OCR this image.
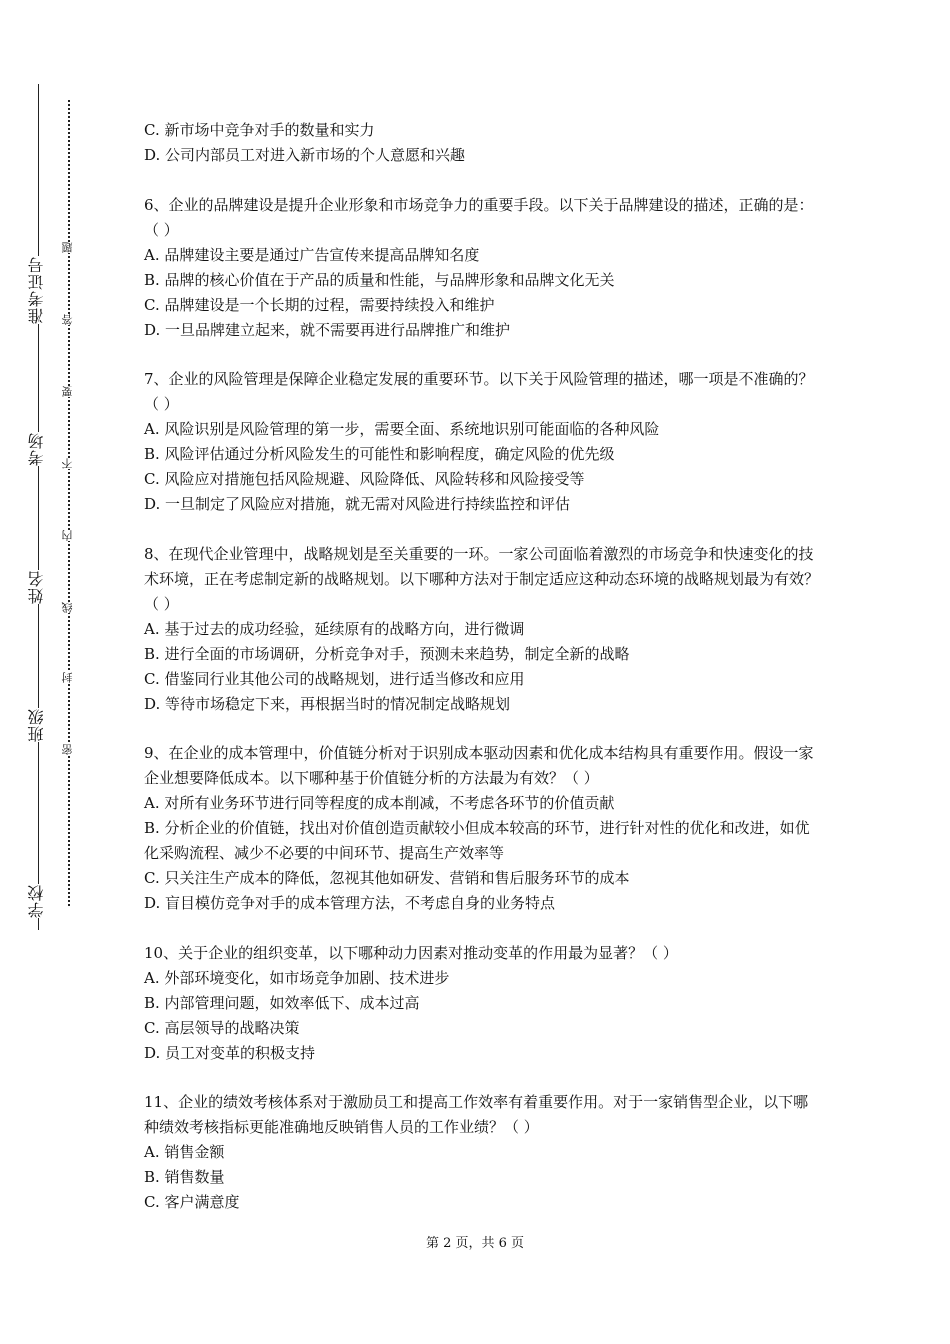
准考证号
考场
姓名
班级
学校
题
答
要
不
内
线
封
密
C. 新市场中竞争对手的数量和实力
D. 公司内部员工对进入新市场的个人意愿和兴趣
6、企业的品牌建设是提升企业形象和市场竞争力的重要手段。以下关于品牌建设的描述，正确的是：（ ）
A. 品牌建设主要是通过广告宣传来提高品牌知名度
B. 品牌的核心价值在于产品的质量和性能，与品牌形象和品牌文化无关
C. 品牌建设是一个长期的过程，需要持续投入和维护
D. 一旦品牌建立起来，就不需要再进行品牌推广和维护
7、企业的风险管理是保障企业稳定发展的重要环节。以下关于风险管理的描述，哪一项是不准确的？（ ）
A. 风险识别是风险管理的第一步，需要全面、系统地识别可能面临的各种风险
B. 风险评估通过分析风险发生的可能性和影响程度，确定风险的优先级
C. 风险应对措施包括风险规避、风险降低、风险转移和风险接受等
D. 一旦制定了风险应对措施，就无需对风险进行持续监控和评估
8、在现代企业管理中，战略规划是至关重要的一环。一家公司面临着激烈的市场竞争和快速变化的技术环境，正在考虑制定新的战略规划。以下哪种方法对于制定适应这种动态环境的战略规划最为有效？（ ）
A. 基于过去的成功经验，延续原有的战略方向，进行微调
B. 进行全面的市场调研，分析竞争对手，预测未来趋势，制定全新的战略
C. 借鉴同行业其他公司的战略规划，进行适当修改和应用
D. 等待市场稳定下来，再根据当时的情况制定战略规划
9、在企业的成本管理中，价值链分析对于识别成本驱动因素和优化成本结构具有重要作用。假设一家企业想要降低成本。以下哪种基于价值链分析的方法最为有效？（ ）
A. 对所有业务环节进行同等程度的成本削减，不考虑各环节的价值贡献
B. 分析企业的价值链，找出对价值创造贡献较小但成本较高的环节，进行针对性的优化和改进，如优化采购流程、减少不必要的中间环节、提高生产效率等
C. 只关注生产成本的降低，忽视其他如研发、营销和售后服务环节的成本
D. 盲目模仿竞争对手的成本管理方法，不考虑自身的业务特点
10、关于企业的组织变革，以下哪种动力因素对推动变革的作用最为显著？（ ）
A. 外部环境变化，如市场竞争加剧、技术进步
B. 内部管理问题，如效率低下、成本过高
C. 高层领导的战略决策
D. 员工对变革的积极支持
11、企业的绩效考核体系对于激励员工和提高工作效率有着重要作用。对于一家销售型企业，以下哪种绩效考核指标更能准确地反映销售人员的工作业绩？（ ）
A. 销售金额
B. 销售数量
C. 客户满意度
第 2 页，共 6 页
